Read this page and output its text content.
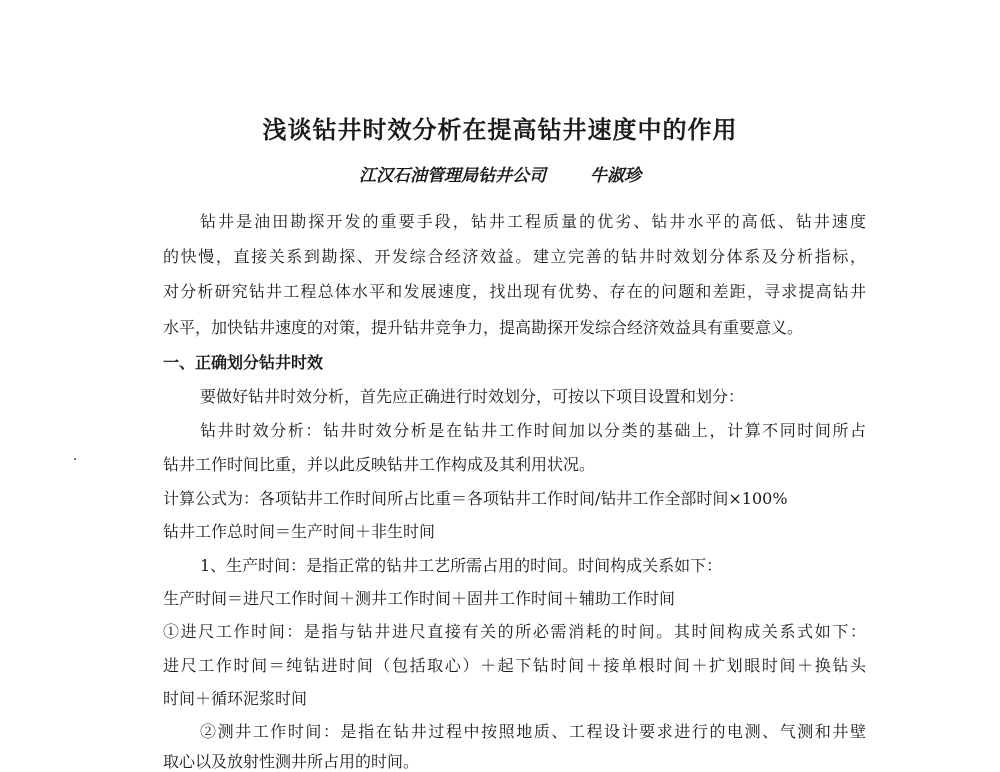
浅谈钻井时效分析在提高钻井速度中的作用
江汉石油管理局钻井公司	牛淑珍
钻井是油田勘探开发的重要手段，钻井工程质量的优劣、钻井水平的高低、钻井速度
的快慢，直接关系到勘探、开发综合经济效益。建立完善的钻井时效划分体系及分析指标，
对分析研究钻井工程总体水平和发展速度，找出现有优势、存在的问题和差距，寻求提高钻井
水平，加快钻井速度的对策，提升钻井竞争力，提高勘探开发综合经济效益具有重要意义。
一、正确划分钻井时效
要做好钻井时效分析，首先应正确进行时效划分，可按以下项目设置和划分：
钻井时效分析：钻井时效分析是在钻井工作时间加以分类的基础上，计算不同时间所占
钻井工作时间比重，并以此反映钻井工作构成及其利用状况。
计算公式为：各项钻井工作时间所占比重＝各项钻井工作时间/钻井工作全部时间×100%
钻井工作总时间＝生产时间＋非生时间
1、生产时间：是指正常的钻井工艺所需占用的时间。时间构成关系如下：
生产时间＝进尺工作时间＋测井工作时间＋固井工作时间＋辅助工作时间
①进尺工作时间：是指与钻井进尺直接有关的所必需消耗的时间。其时间构成关系式如下：
进尺工作时间＝纯钻进时间（包括取心）＋起下钻时间＋接单根时间＋扩划眼时间＋换钻头
时间＋循环泥浆时间
②测井工作时间：是指在钻井过程中按照地质、工程设计要求进行的电测、气测和井壁
取心以及放射性测井所占用的时间。
